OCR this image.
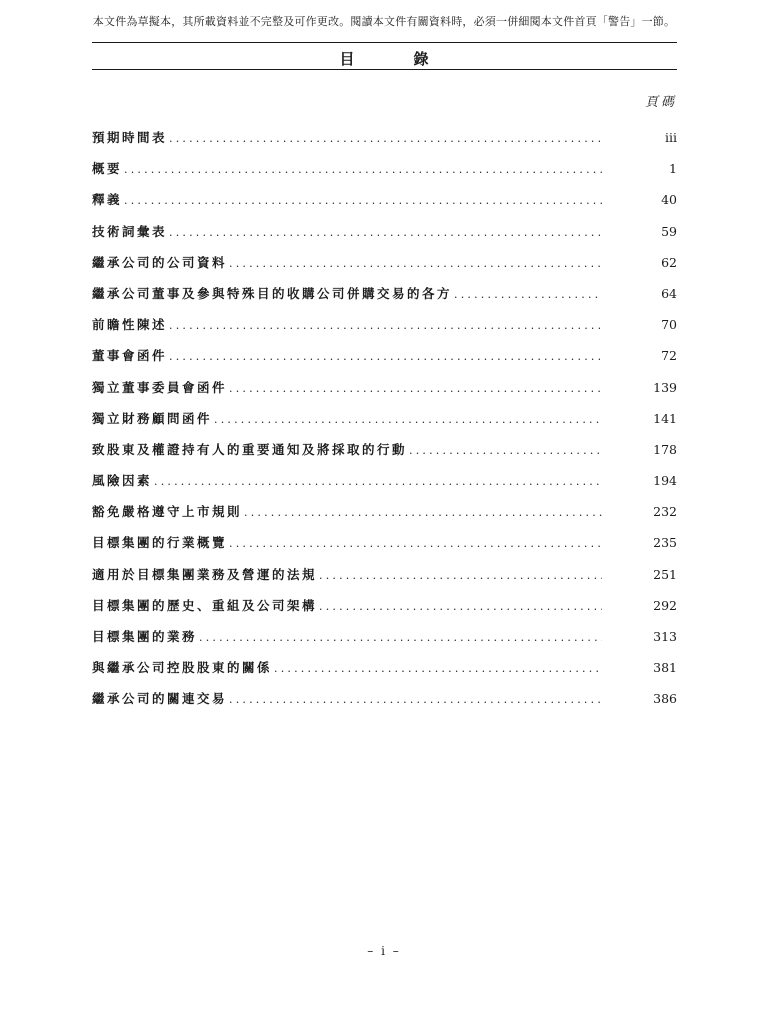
本文件為草擬本，其所載資料並不完整及可作更改。閱讀本文件有關資料時，必須一併細閱本文件首頁「警告」一節。
目　錄
頁碼
預期時間表 .....	iii
概要 .....	1
釋義 .....	40
技術詞彙表 .....	59
繼承公司的公司資料 .....	62
繼承公司董事及參與特殊目的收購公司併購交易的各方 .....	64
前瞻性陳述 .....	70
董事會函件 .....	72
獨立董事委員會函件 .....	139
獨立財務顧問函件 .....	141
致股東及權證持有人的重要通知及將採取的行動 .....	178
風險因素 .....	194
豁免嚴格遵守上市規則 .....	232
目標集團的行業概覽 .....	235
適用於目標集團業務及營運的法規 .....	251
目標集團的歷史、重組及公司架構 .....	292
目標集團的業務 .....	313
與繼承公司控股股東的關係 .....	381
繼承公司的關連交易 .....	386
– i –
